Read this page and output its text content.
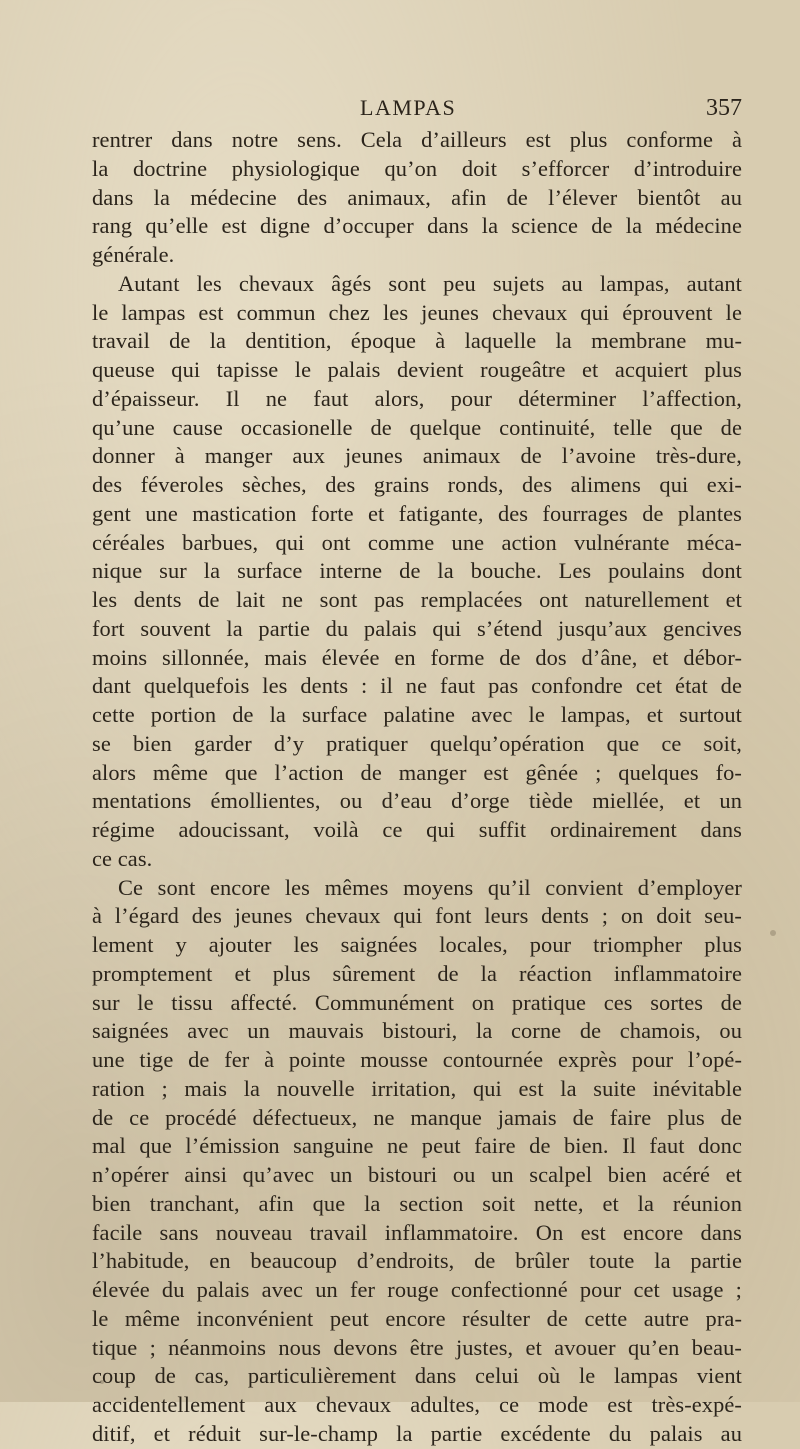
LAMPAS	357
rentrer dans notre sens. Cela d’ailleurs est plus conforme à
la doctrine physiologique qu’on doit s’efforcer d’introduire
dans la médecine des animaux, afin de l’élever bientôt au
rang qu’elle est digne d’occuper dans la science de la médecine
générale.
Autant les chevaux âgés sont peu sujets au lampas, autant
le lampas est commun chez les jeunes chevaux qui éprouvent le
travail de la dentition, époque à laquelle la membrane mu-
queuse qui tapisse le palais devient rougeâtre et acquiert plus
d’épaisseur. Il ne faut alors, pour déterminer l’affection,
qu’une cause occasionelle de quelque continuité, telle que de
donner à manger aux jeunes animaux de l’avoine très-dure,
des féveroles sèches, des grains ronds, des alimens qui exi-
gent une mastication forte et fatigante, des fourrages de plantes
céréales barbues, qui ont comme une action vulnérante méca-
nique sur la surface interne de la bouche. Les poulains dont
les dents de lait ne sont pas remplacées ont naturellement et
fort souvent la partie du palais qui s’étend jusqu’aux gencives
moins sillonnée, mais élevée en forme de dos d’âne, et débor-
dant quelquefois les dents : il ne faut pas confondre cet état de
cette portion de la surface palatine avec le lampas, et surtout
se bien garder d’y pratiquer quelqu’opération que ce soit,
alors même que l’action de manger est gênée ; quelques fo-
mentations émollientes, ou d’eau d’orge tiède miellée, et un
régime adoucissant, voilà ce qui suffit ordinairement dans
ce cas.
Ce sont encore les mêmes moyens qu’il convient d’employer
à l’égard des jeunes chevaux qui font leurs dents ; on doit seu-
lement y ajouter les saignées locales, pour triompher plus
promptement et plus sûrement de la réaction inflammatoire
sur le tissu affecté. Communément on pratique ces sortes de
saignées avec un mauvais bistouri, la corne de chamois, ou
une tige de fer à pointe mousse contournée exprès pour l’opé-
ration ; mais la nouvelle irritation, qui est la suite inévitable
de ce procédé défectueux, ne manque jamais de faire plus de
mal que l’émission sanguine ne peut faire de bien. Il faut donc
n’opérer ainsi qu’avec un bistouri ou un scalpel bien acéré et
bien tranchant, afin que la section soit nette, et la réunion
facile sans nouveau travail inflammatoire. On est encore dans
l’habitude, en beaucoup d’endroits, de brûler toute la partie
élevée du palais avec un fer rouge confectionné pour cet usage ;
le même inconvénient peut encore résulter de cette autre pra-
tique ; néanmoins nous devons être justes, et avouer qu’en beau-
coup de cas, particulièrement dans celui où le lampas vient
accidentellement aux chevaux adultes, ce mode est très-expé-
ditif, et réduit sur-le-champ la partie excédente du palais au
